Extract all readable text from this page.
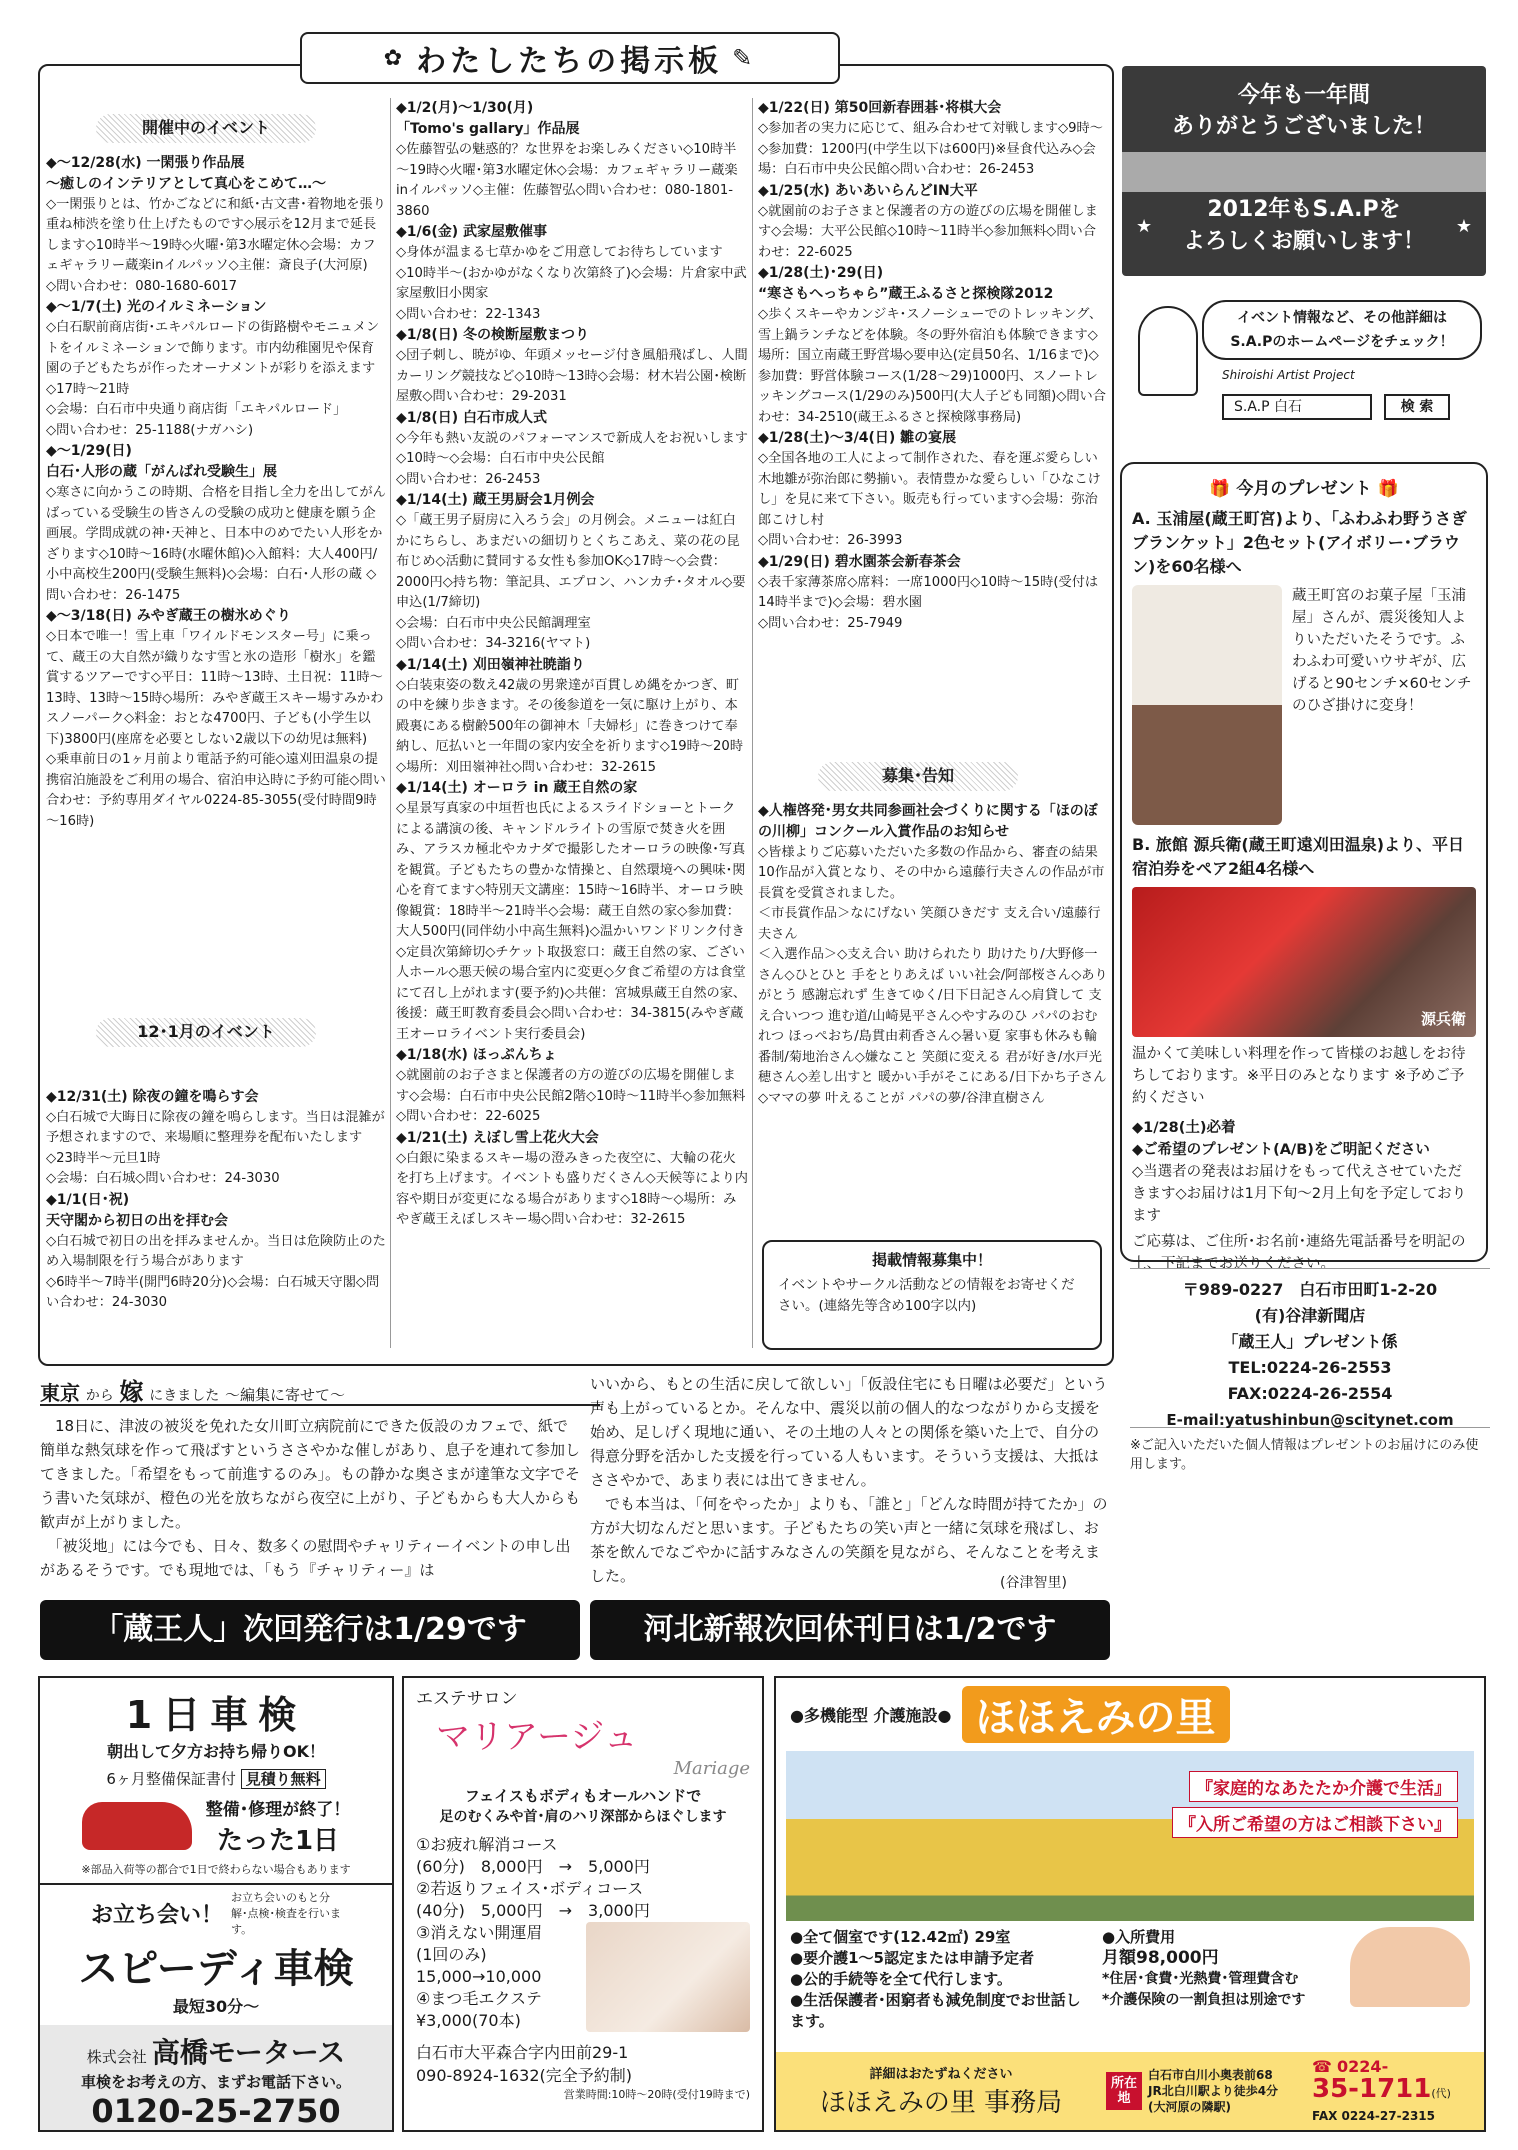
✿ わたしたちの掲示板 ✎
開催中のイベント

◆～12/28(水) 一閑張り作品展

～癒しのインテリアとして真心をこめて…～

◇一閑張りとは、竹かごなどに和紙･古文書･着物地を張り重ね柿渋を塗り仕上げたものです◇展示を12月まで延長します◇10時半～19時◇火曜･第3水曜定休◇会場：カフェギャラリー蔵楽inイルパッソ◇主催：斎良子(大河原)

◇問い合わせ：080-1680-6017

◆～1/7(土) 光のイルミネーション

◇白石駅前商店街･エキパルロードの街路樹やモニュメントをイルミネーションで飾ります。市内幼稚園児や保育園の子どもたちが作ったオーナメントが彩りを添えます◇17時～21時

◇会場：白石市中央通り商店街「エキパルロード」

◇問い合わせ：25-1188(ナガハシ)

◆～1/29(日)

白石･人形の蔵「がんばれ受験生」展

◇寒さに向かうこの時期、合格を目指し全力を出してがんばっている受験生の皆さんの受験の成功と健康を願う企画展。学問成就の神･天神と、日本中のめでたい人形をかざります◇10時～16時(水曜休館)◇入館料：大人400円/小中高校生200円(受験生無料)◇会場：白石･人形の蔵 ◇問い合わせ：26-1475

◆～3/18(日) みやぎ蔵王の樹氷めぐり

◇日本で唯一！雪上車「ワイルドモンスター号」に乗って、蔵王の大自然が織りなす雪と氷の造形「樹氷」を鑑賞するツアーです◇平日：11時～13時、土日祝：11時～13時、13時～15時◇場所：みやぎ蔵王スキー場すみかわスノーパーク◇料金：おとな4700円、子ども(小学生以下)3800円(座席を必要としない2歳以下の幼児は無料)

◇乗車前日の1ヶ月前より電話予約可能◇遠刈田温泉の提携宿泊施設をご利用の場合、宿泊申込時に予約可能◇問い合わせ：予約専用ダイヤル0224-85-3055(受付時間9時～16時)

12･1月のイベント

◆12/31(土) 除夜の鐘を鳴らす会

◇白石城で大晦日に除夜の鐘を鳴らします。当日は混雑が予想されますので、来場順に整理券を配布いたします◇23時半～元旦1時

◇会場：白石城◇問い合わせ：24-3030

◆1/1(日･祝)

天守閣から初日の出を拝む会

◇白石城で初日の出を拝みませんか。当日は危険防止のため入場制限を行う場合があります

◇6時半～7時半(開門6時20分)◇会場：白石城天守閣◇問い合わせ：24-3030

◆1/2(月)～1/30(月)

「Tomo's gallary」作品展

◇佐藤智弘の魅惑的？な世界をお楽しみください◇10時半～19時◇火曜･第3水曜定休◇会場：カフェギャラリー蔵楽inイルパッソ◇主催：佐藤智弘◇問い合わせ：080-1801-3860

◆1/6(金) 武家屋敷催事

◇身体が温まる七草かゆをご用意してお待ちしています◇10時半～(おかゆがなくなり次第終了)◇会場：片倉家中武家屋敷旧小関家

◇問い合わせ：22-1343

◆1/8(日) 冬の検断屋敷まつり

◇団子刺し、暁がゆ、年頭メッセージ付き風船飛ばし、人間カーリング競技など◇10時～13時◇会場：材木岩公園･検断屋敷◇問い合わせ：29-2031

◆1/8(日) 白石市成人式

◇今年も熱い友説のパフォーマンスで新成人をお祝いします◇10時～◇会場：白石市中央公民館

◇問い合わせ：26-2453

◆1/14(土) 蔵王男厨会1月例会

◇「蔵王男子厨房に入ろう会」の月例会。メニューは紅白かにちらし、あまだいの細切りとくちこあえ、菜の花の昆布じめ◇活動に賛同する女性も参加OK◇17時～◇会費：2000円◇持ち物：筆記具、エプロン、ハンカチ･タオル◇要申込(1/7締切)

◇会場：白石市中央公民館調理室

◇問い合わせ：34-3216(ヤマト)

◆1/14(土) 刈田嶺神社暁詣り

◇白装束姿の数え42歳の男衆達が百貫しめ縄をかつぎ、町の中を練り歩きます。その後参道を一気に駆け上がり、本殿裏にある樹齢500年の御神木「夫婦杉」に巻きつけて奉納し、厄払いと一年間の家内安全を祈ります◇19時～20時◇場所：刈田嶺神社◇問い合わせ：32-2615

◆1/14(土) オーロラ in 蔵王自然の家

◇星景写真家の中垣哲也氏によるスライドショーとトークによる講演の後、キャンドルライトの雪原で焚き火を囲み、アラスカ極北やカナダで撮影したオーロラの映像･写真を観賞。子どもたちの豊かな情操と、自然環境への興味･関心を育てます◇特別天文講座：15時～16時半、オーロラ映像観賞：18時半～21時半◇会場：蔵王自然の家◇参加費：大人500円(同伴幼小中高生無料)◇温かいワンドリンク付き◇定員次第締切◇チケット取扱窓口：蔵王自然の家、ござい人ホール◇悪天候の場合室内に変更◇夕食ご希望の方は食堂にて召し上がれます(要予約)◇共催：宮城県蔵王自然の家、後援：蔵王町教育委員会◇問い合わせ：34-3815(みやぎ蔵王オーロライベント実行委員会)

◆1/18(水) ほっぷんちょ

◇就園前のお子さまと保護者の方の遊びの広場を開催します◇会場：白石市中央公民館2階◇10時～11時半◇参加無料◇問い合わせ：22-6025

◆1/21(土) えぼし雪上花火大会

◇白銀に染まるスキー場の澄みきった夜空に、大輪の花火を打ち上げます。イベントも盛りだくさん◇天候等により内容や期日が変更になる場合があります◇18時～◇場所：みやぎ蔵王えぼしスキー場◇問い合わせ：32-2615

◆1/22(日) 第50回新春囲碁･将棋大会

◇参加者の実力に応じて、組み合わせて対戦します◇9時～◇参加費：1200円(中学生以下は600円)※昼食代込み◇会場：白石市中央公民館◇問い合わせ：26-2453

◆1/25(水) あいあいらんどIN大平

◇就園前のお子さまと保護者の方の遊びの広場を開催します◇会場：大平公民館◇10時～11時半◇参加無料◇問い合わせ：22-6025

◆1/28(土)･29(日)

“寒さもへっちゃら”蔵王ふるさと探検隊2012

◇歩くスキーやカンジキ･スノーシューでのトレッキング、雪上鍋ランチなどを体験。冬の野外宿泊も体験できます◇場所：国立南蔵王野営場◇要申込(定員50名、1/16まで)◇参加費：野営体験コース(1/28～29)1000円、スノートレッキングコース(1/29のみ)500円(大人子ども同額)◇問い合わせ：34-2510(蔵王ふるさと探検隊事務局)

◆1/28(土)～3/4(日) 雛の宴展

◇全国各地の工人によって制作された、春を運ぶ愛らしい木地雛が弥治郎に勢揃い。表情豊かな愛らしい「ひなこけし」を見に来て下さい。販売も行っています◇会場：弥治郎こけし村

◇問い合わせ：26-3993

◆1/29(日) 碧水園茶会新春茶会

◇表千家薄茶席◇席料：一席1000円◇10時～15時(受付は14時半まで)◇会場：碧水園

◇問い合わせ：25-7949

募集･告知

◆人権啓発･男女共同参画社会づくりに関する「ほのぼの川柳」コンクール入賞作品のお知らせ

◇皆様よりご応募いただいた多数の作品から、審査の結果10作品が入賞となり、その中から遠藤行夫さんの作品が市長賞を受賞されました。

＜市長賞作品＞なにげない 笑顔ひきだす 支え合い/遠藤行夫さん

＜入選作品＞◇支え合い 助けられたり 助けたり/大野修一さん◇ひとひと 手をとりあえば いい社会/阿部桜さん◇ありがとう 感謝忘れず 生きてゆく/日下日記さん◇肩貸して 支え合いつつ 進む道/山崎晃平さん◇やすみのひ パパのおむれつ ほっぺおち/島貫由莉香さん◇暑い夏 家事も休みも輪番制/菊地治さん◇嫌なこと 笑顔に変える 君が好き/水戸光穂さん◇差し出すと 暖かい手がそこにある/日下かち子さん◇ママの夢 叶えることが パパの夢/谷津直樹さん

掲載情報募集中！
イベントやサークル活動などの情報をお寄せください。(連絡先等含め100字以内)
今年も一年間
ありがとうございました！
2012年もS.A.Pを
よろしくお願いします！
★	★
イベント情報など、その他詳細は
S.A.Pのホームページをチェック！
Shiroishi Artist Project
S.A.P 白石	検 索
🎁 今月のプレゼント 🎁
A. 玉浦屋(蔵王町宮)より、「ふわふわ野うさぎブランケット」2色セット(アイボリー･ブラウン)を60名様へ
蔵王町宮のお菓子屋「玉浦屋」さんが、震災後知人よりいただいたそうです。ふわふわ可愛いウサギが、広げると90センチ×60センチのひざ掛けに変身！
B. 旅館 源兵衛(蔵王町遠刈田温泉)より、平日宿泊券をペア2組4名様へ
源兵衛
温かくて美味しい料理を作って皆様のお越しをお待ちしております。※平日のみとなります ※予めご予約ください
◆1/28(土)必着
◆ご希望のプレゼント(A/B)をご明記ください
◇当選者の発表はお届けをもって代えさせていただきます◇お届けは1月下旬～2月上旬を予定しております
ご応募は、ご住所･お名前･連絡先電話番号を明記の上、下記までお送りください。
〒989-0227　白石市田町1-2-20
(有)谷津新聞店
「蔵王人」プレゼント係
TEL:0224-26-2553
FAX:0224-26-2554
E-mail:yatushinbun@scitynet.com
※ご記入いただいた個人情報はプレゼントのお届けにのみ使用します。
東京 から 嫁 にきました ～編集に寄せて～
　18日に、津波の被災を免れた女川町立病院前にできた仮設のカフェで、紙で簡単な熱気球を作って飛ばすというささやかな催しがあり、息子を連れて参加してきました。「希望をもって前進するのみ」。もの静かな奥さまが達筆な文字でそう書いた気球が、橙色の光を放ちながら夜空に上がり、子どもからも大人からも歓声が上がりました。
　「被災地」には今でも、日々、数多くの慰問やチャリティーイベントの申し出があるそうです。でも現地では、「もう『チャリティー』は
いいから、もとの生活に戻して欲しい」「仮設住宅にも日曜は必要だ」という声も上がっているとか。そんな中、震災以前の個人的なつながりから支援を始め、足しげく現地に通い、その土地の人々との関係を築いた上で、自分の得意分野を活かした支援を行っている人もいます。そういう支援は、大抵はささやかで、あまり表には出てきません。
　でも本当は、「何をやったか」よりも、「誰と」「どんな時間が持てたか」の方が大切なんだと思います。子どもたちの笑い声と一緒に気球を飛ばし、お茶を飲んでなごやかに話すみなさんの笑顔を見ながら、そんなことを考えました。	(谷津智里)
「蔵王人」次回発行は1/29です	河北新報次回休刊日は1/2です
1日車検
朝出して夕方お持ち帰りOK！
6ヶ月整備保証書付 見積り無料
整備･修理が終了！
たった1日
※部品入荷等の都合で1日で終わらない場合もあります
お立ち会い！
お立ち会いのもと分解･点検･検査を行います。
スピーディ車検
最短30分～
株式会社 高橋モータース
車検をお考えの方、まずお電話下さい。
0120-25-2750
エステサロン
マリアージュ
Mariage
フェイスもボディもオールハンドで
足のむくみや首･肩のハリ深部からほぐします
①お疲れ解消コース
(60分)　8,000円　→　5,000円
②若返りフェイス･ボディコース
(40分)　5,000円　→　3,000円
③消えない開運眉
(1回のみ)
15,000→10,000
④まつ毛エクステ
¥3,000(70本)
白石市大平森合字内田前29-1
090-8924-1632(完全予約制)
営業時間:10時～20時(受付19時まで)
●多機能型 介護施設● ほほえみの里
『家庭的なあたたか介護で生活』
『入所ご希望の方はご相談下さい』
●全て個室です(12.42㎡) 29室
●要介護1～5認定または申請予定者
●公的手続等を全て代行します。
●生活保護者･困窮者も減免制度でお世話します。
●入所費用
月額98,000円
*住居･食費･光熱費･管理費含む
*介護保険の一割負担は別途です
詳細はおたずねください
ほほえみの里 事務局
所在地
白石市白川小奥表前68
JR北白川駅より徒歩4分
(大河原の隣駅)
☎ 0224-
35-1711(代)
FAX 0224-27-2315
